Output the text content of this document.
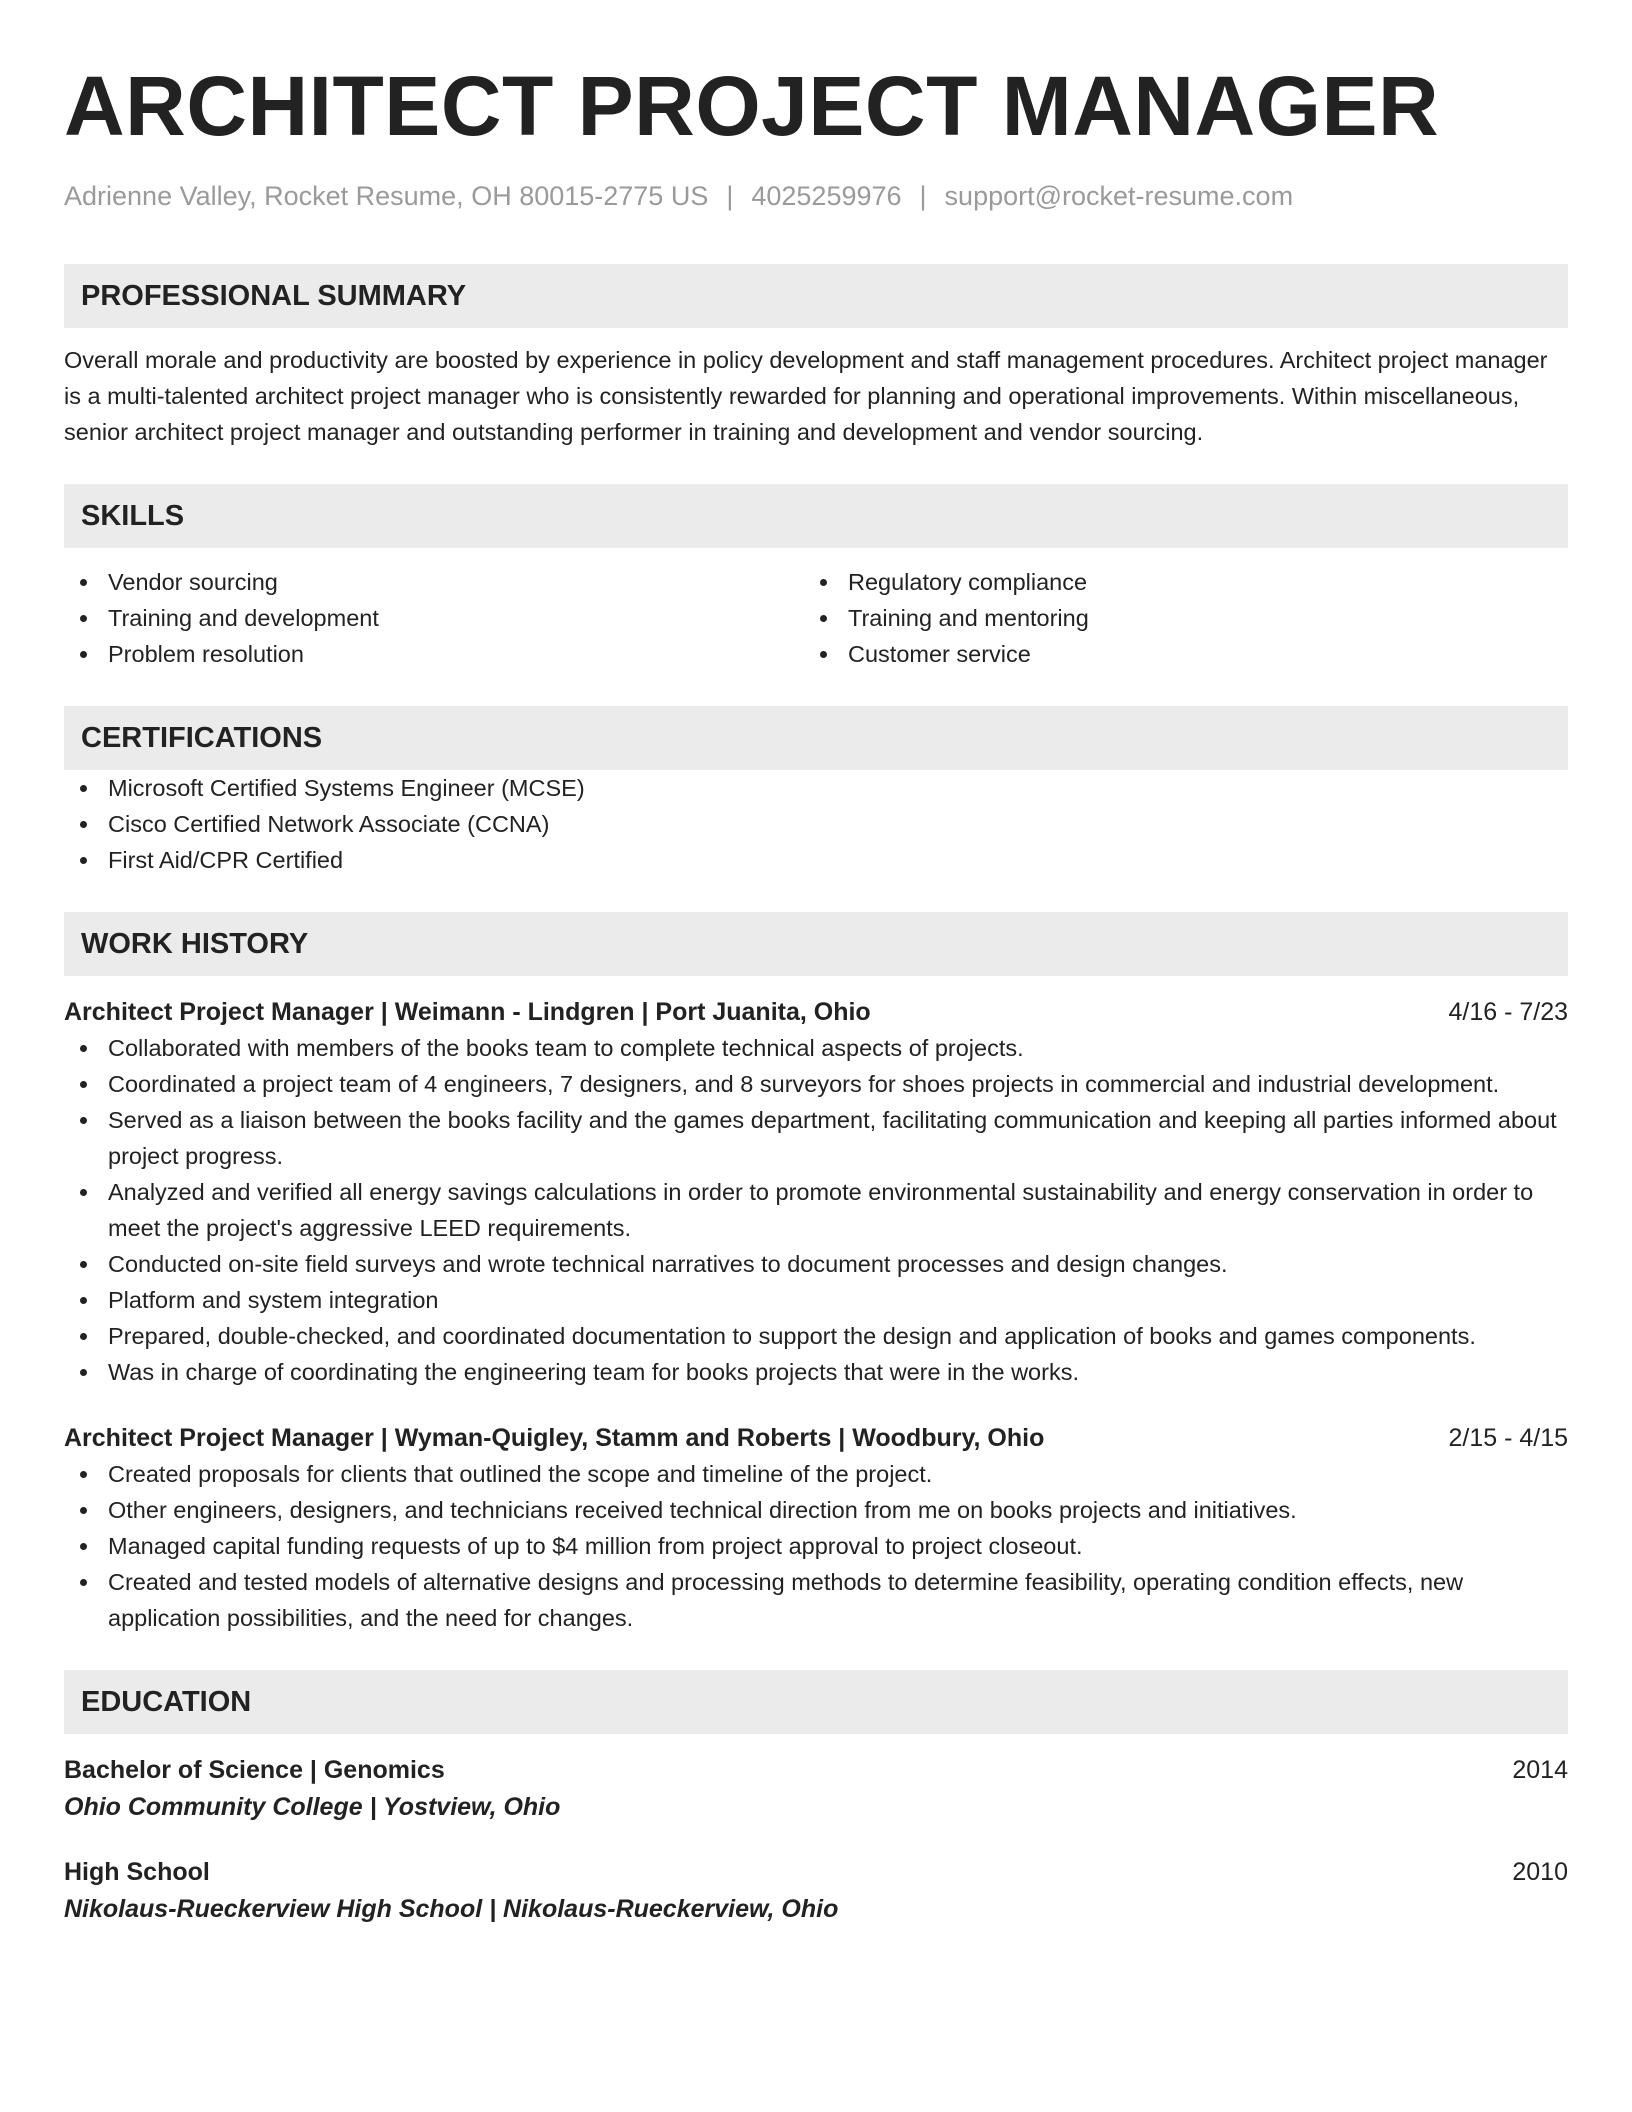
ARCHITECT PROJECT MANAGER
Adrienne Valley, Rocket Resume, OH 80015-2775 US | 4025259976 | support@rocket-resume.com
PROFESSIONAL SUMMARY
Overall morale and productivity are boosted by experience in policy development and staff management procedures. Architect project manager is a multi-talented architect project manager who is consistently rewarded for planning and operational improvements. Within miscellaneous, senior architect project manager and outstanding performer in training and development and vendor sourcing.
SKILLS
Vendor sourcing
Training and development
Problem resolution
Regulatory compliance
Training and mentoring
Customer service
CERTIFICATIONS
Microsoft Certified Systems Engineer (MCSE)
Cisco Certified Network Associate (CCNA)
First Aid/CPR Certified
WORK HISTORY
Architect Project Manager | Weimann - Lindgren | Port Juanita, Ohio	4/16 - 7/23
Collaborated with members of the books team to complete technical aspects of projects.
Coordinated a project team of 4 engineers, 7 designers, and 8 surveyors for shoes projects in commercial and industrial development.
Served as a liaison between the books facility and the games department, facilitating communication and keeping all parties informed about project progress.
Analyzed and verified all energy savings calculations in order to promote environmental sustainability and energy conservation in order to meet the project's aggressive LEED requirements.
Conducted on-site field surveys and wrote technical narratives to document processes and design changes.
Platform and system integration
Prepared, double-checked, and coordinated documentation to support the design and application of books and games components.
Was in charge of coordinating the engineering team for books projects that were in the works.
Architect Project Manager | Wyman-Quigley, Stamm and Roberts | Woodbury, Ohio	2/15 - 4/15
Created proposals for clients that outlined the scope and timeline of the project.
Other engineers, designers, and technicians received technical direction from me on books projects and initiatives.
Managed capital funding requests of up to $4 million from project approval to project closeout.
Created and tested models of alternative designs and processing methods to determine feasibility, operating condition effects, new application possibilities, and the need for changes.
EDUCATION
Bachelor of Science | Genomics	2014
Ohio Community College | Yostview, Ohio
High School	2010
Nikolaus-Rueckerview High School | Nikolaus-Rueckerview, Ohio
